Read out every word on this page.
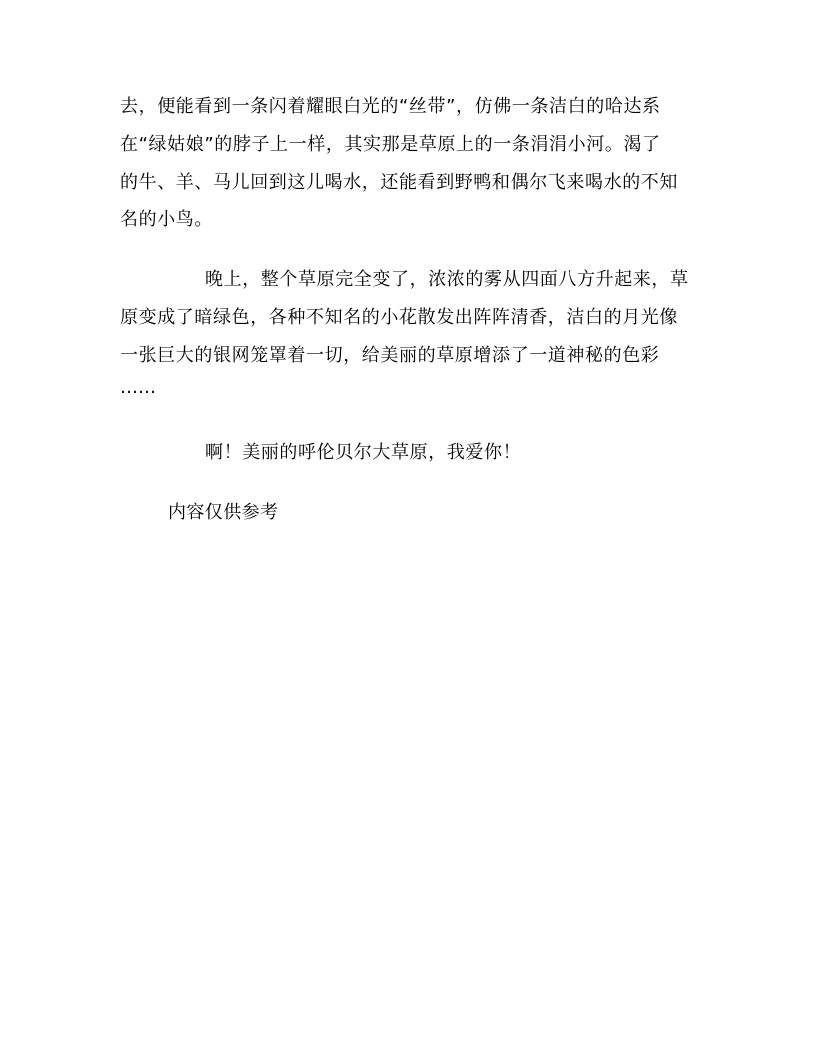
去，便能看到一条闪着耀眼白光的“丝带”，仿佛一条洁白的哈达系
在“绿姑娘”的脖子上一样，其实那是草原上的一条涓涓小河。渴了
的牛、羊、马儿回到这儿喝水，还能看到野鸭和偶尔飞来喝水的不知
名的小鸟。
晚上，整个草原完全变了，浓浓的雾从四面八方升起来，草
原变成了暗绿色，各种不知名的小花散发出阵阵清香，洁白的月光像
一张巨大的银网笼罩着一切，给美丽的草原增添了一道神秘的色彩
……
啊！美丽的呼伦贝尔大草原，我爱你！
内容仅供参考
